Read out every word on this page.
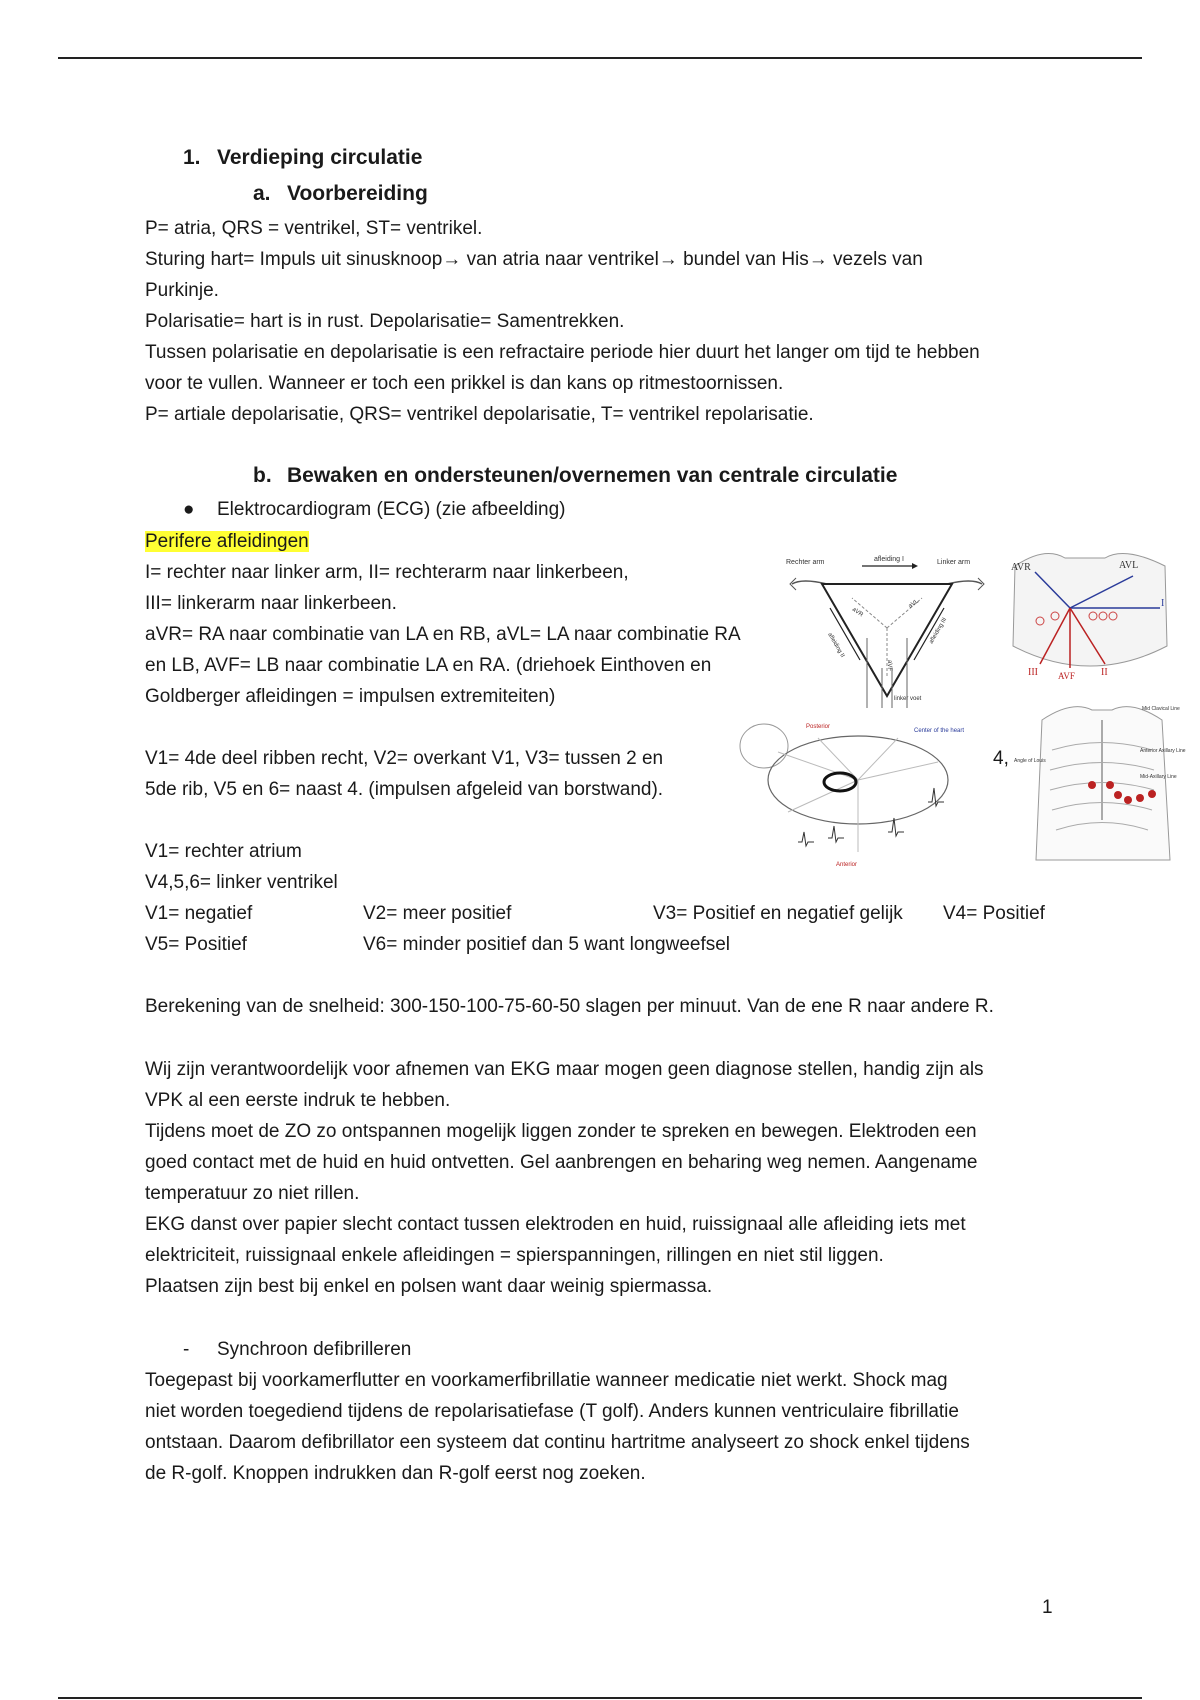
1. Verdieping circulatie
a. Voorbereiding
P= atria, QRS = ventrikel, ST= ventrikel.
Sturing hart= Impuls uit sinusknoop→ van atria naar ventrikel→ bundel van His→ vezels van
Purkinje.
Polarisatie= hart is in rust. Depolarisatie= Samentrekken.
Tussen polarisatie en depolarisatie is een refractaire periode hier duurt het langer om tijd te hebben
voor te vullen. Wanneer er toch een prikkel is dan kans op ritmestoornissen.
P= artiale depolarisatie, QRS= ventrikel depolarisatie, T= ventrikel repolarisatie.
b. Bewaken en ondersteunen/overnemen van centrale circulatie
● Elektrocardiogram (ECG) (zie afbeelding)
Perifere afleidingen
I= rechter naar linker arm, II= rechterarm naar linkerbeen,
III= linkerarm naar linkerbeen.
aVR= RA naar combinatie van LA en RB, aVL= LA naar combinatie RA
en LB, AVF= LB naar combinatie LA en RA. (driehoek Einthoven en
Goldberger afleidingen = impulsen extremiteiten)
V1= 4de deel ribben recht, V2= overkant V1, V3= tussen 2 en
5de rib, V5 en 6= naast 4. (impulsen afgeleid van borstwand).
4,
Rechter arm	Linker arm
afleiding I
aVR
aVL
aVF
afleiding II
afleiding III
linker voet
AVR	AVL
I
III AVF	II
Posterior
Center of the heart
Anterior
Mid Clavical Line
Angle of Louis
Anterior Axillary Line
Mid-Axillary Line
V1= rechter atrium
V4,5,6= linker ventrikel
V1= negatief	V2= meer positief	V3= Positief en negatief gelijk V4= Positief
V5= Positief	V6= minder positief dan 5 want longweefsel
Berekening van de snelheid: 300-150-100-75-60-50 slagen per minuut. Van de ene R naar andere R.
Wij zijn verantwoordelijk voor afnemen van EKG maar mogen geen diagnose stellen, handig zijn als
VPK al een eerste indruk te hebben.
Tijdens moet de ZO zo ontspannen mogelijk liggen zonder te spreken en bewegen. Elektroden een
goed contact met de huid en huid ontvetten. Gel aanbrengen en beharing weg nemen. Aangename
temperatuur zo niet rillen.
EKG danst over papier slecht contact tussen elektroden en huid, ruissignaal alle afleiding iets met
elektriciteit, ruissignaal enkele afleidingen = spierspanningen, rillingen en niet stil liggen.
Plaatsen zijn best bij enkel en polsen want daar weinig spiermassa.
- Synchroon defibrilleren
Toegepast bij voorkamerflutter en voorkamerfibrillatie wanneer medicatie niet werkt. Shock mag
niet worden toegediend tijdens de repolarisatiefase (T golf). Anders kunnen ventriculaire fibrillatie
ontstaan. Daarom defibrillator een systeem dat continu hartritme analyseert zo shock enkel tijdens
de R-golf. Knoppen indrukken dan R-golf eerst nog zoeken.
1
